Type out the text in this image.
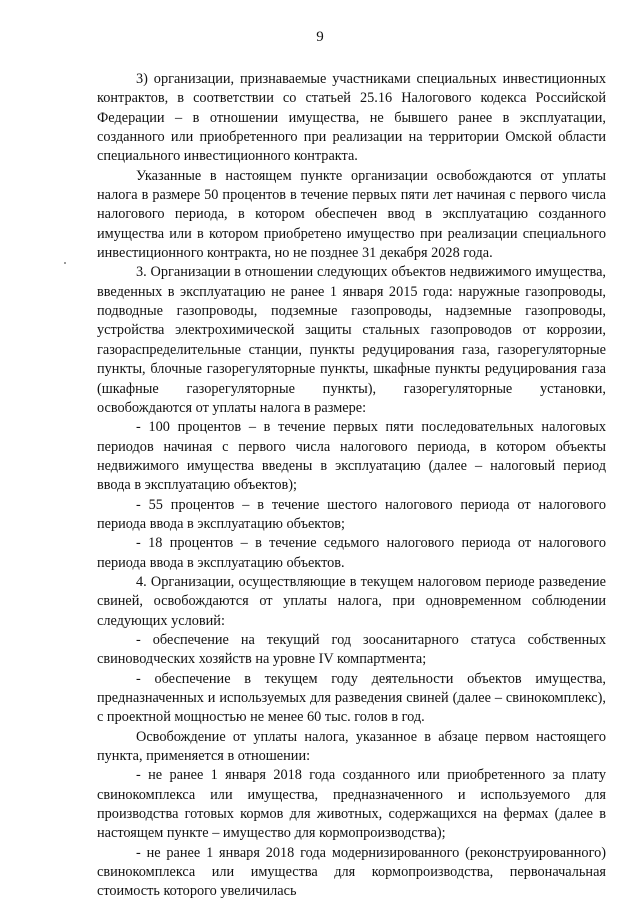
9

3) организации, признаваемые участниками специальных инвестиционных контрактов, в соответствии со статьей 25.16 Налогового кодекса Российской Федерации – в отношении имущества, не бывшего ранее в эксплуатации, созданного или приобретенного при реализации на территории Омской области специального инвестиционного контракта.

Указанные в настоящем пункте организации освобождаются от уплаты налога в размере 50 процентов в течение первых пяти лет начиная с первого числа налогового периода, в котором обеспечен ввод в эксплуатацию созданного имущества или в котором приобретено имущество при реализации специального инвестиционного контракта, но не позднее 31 декабря 2028 года.

3. Организации в отношении следующих объектов недвижимого имущества, введенных в эксплуатацию не ранее 1 января 2015 года: наружные газопроводы, подводные газопроводы, подземные газопроводы, надземные газопроводы, устройства электрохимической защиты стальных газопроводов от коррозии, газораспределительные станции, пункты редуцирования газа, газорегуляторные пункты, блочные газорегуляторные пункты, шкафные пункты редуцирования газа (шкафные газорегуляторные пункты), газорегуляторные установки, освобождаются от уплаты налога в размере:

- 100 процентов – в течение первых пяти последовательных налоговых периодов начиная с первого числа налогового периода, в котором объекты недвижимого имущества введены в эксплуатацию (далее – налоговый период ввода в эксплуатацию объектов);

- 55 процентов – в течение шестого налогового периода от налогового периода ввода в эксплуатацию объектов;

- 18 процентов – в течение седьмого налогового периода от налогового периода ввода в эксплуатацию объектов.

4. Организации, осуществляющие в текущем налоговом периоде разведение свиней, освобождаются от уплаты налога, при одновременном соблюдении следующих условий:

- обеспечение на текущий год зоосанитарного статуса собственных свиноводческих хозяйств на уровне IV компартмента;

- обеспечение в текущем году деятельности объектов имущества, предназначенных и используемых для разведения свиней (далее – свинокомплекс), с проектной мощностью не менее 60 тыс. голов в год.

Освобождение от уплаты налога, указанное в абзаце первом настоящего пункта, применяется в отношении:

- не ранее 1 января 2018 года созданного или приобретенного за плату свинокомплекса или имущества, предназначенного и используемого для производства готовых кормов для животных, содержащихся на фермах (далее в настоящем пункте – имущество для кормопроизводства);

- не ранее 1 января 2018 года модернизированного (реконструированного) свинокомплекса или имущества для кормопроизводства, первоначальная стоимость которого увеличилась
